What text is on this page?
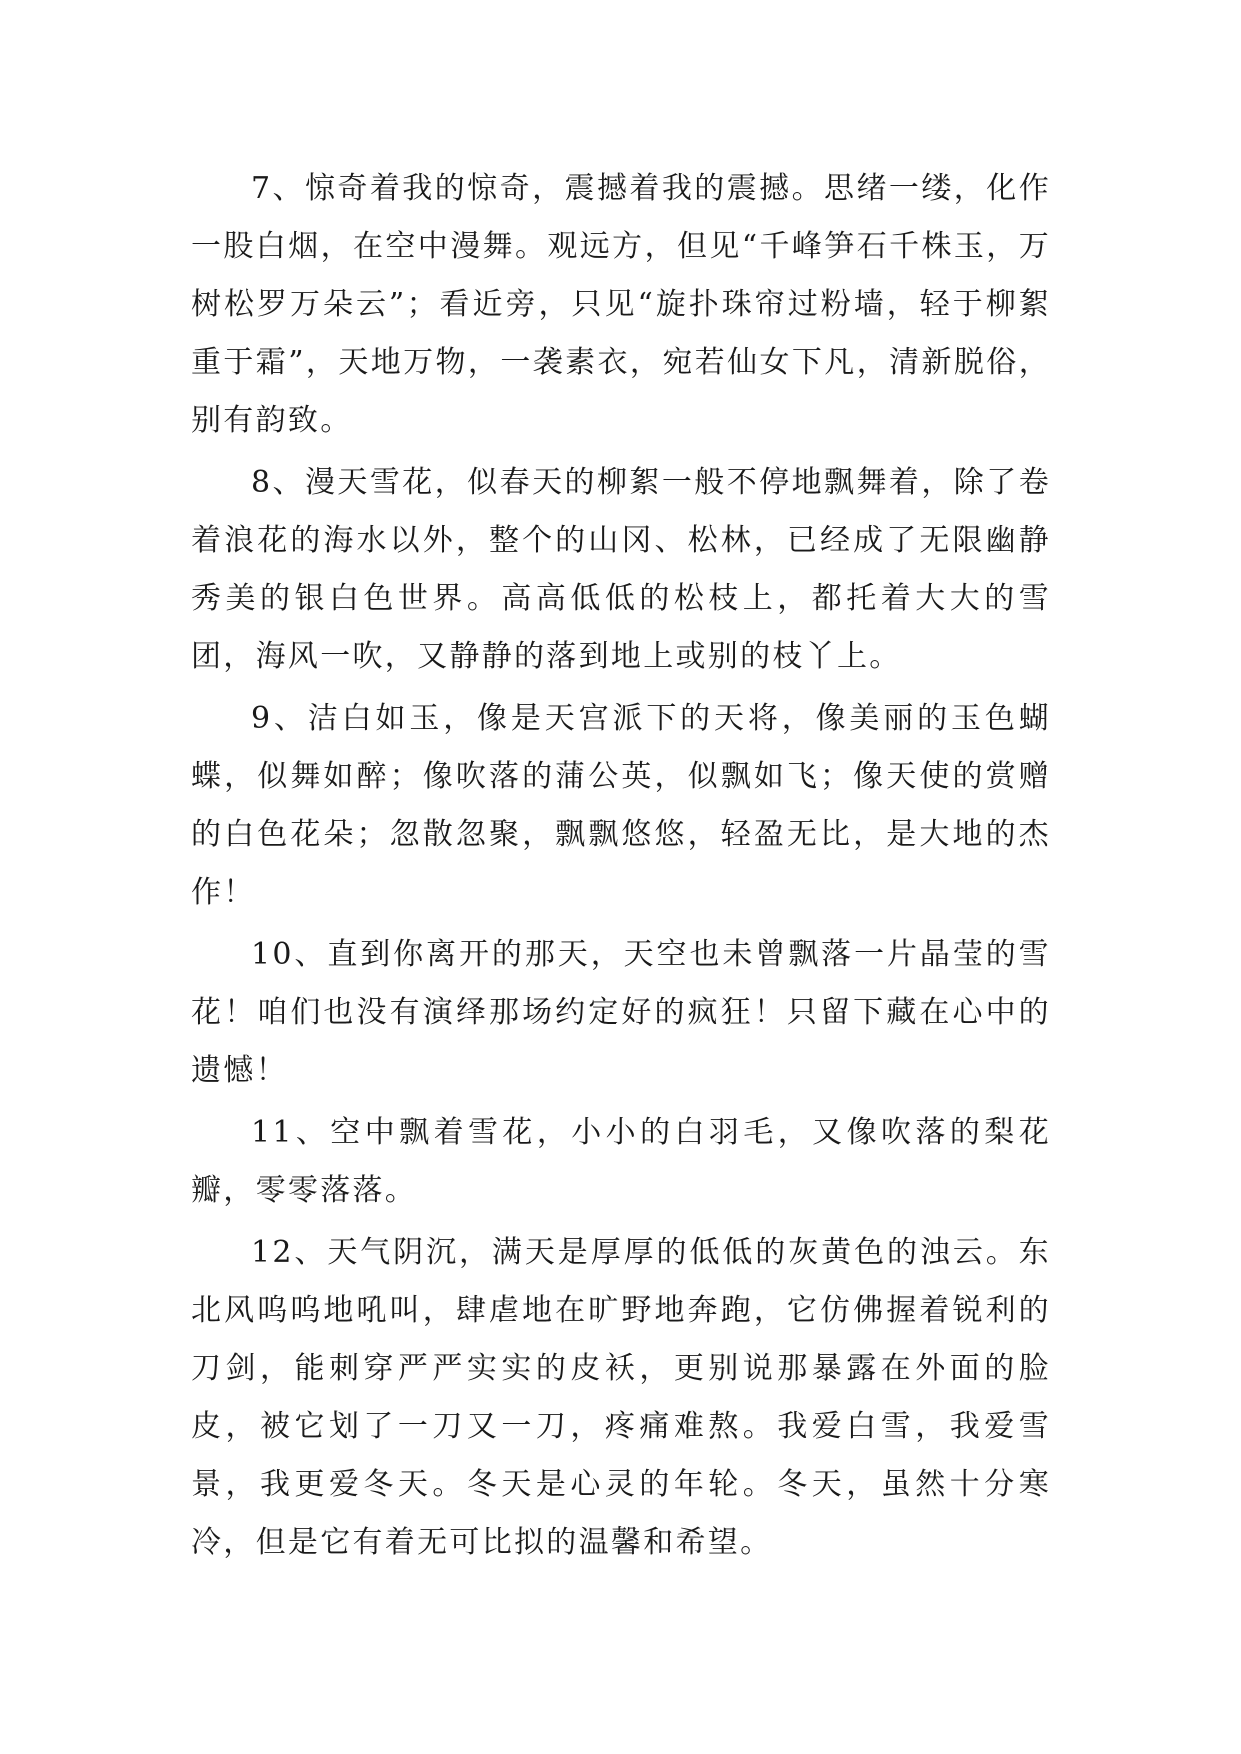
7、惊奇着我的惊奇，震撼着我的震撼。思绪一缕，化作一股白烟，在空中漫舞。观远方，但见“千峰笋石千株玉，万树松罗万朵云”；看近旁，只见“旋扑珠帘过粉墙，轻于柳絮重于霜”，天地万物，一袭素衣，宛若仙女下凡，清新脱俗，别有韵致。

8、漫天雪花，似春天的柳絮一般不停地飘舞着，除了卷着浪花的海水以外，整个的山冈、松林，已经成了无限幽静秀美的银白色世界。高高低低的松枝上，都托着大大的雪团，海风一吹，又静静的落到地上或别的枝丫上。

9、洁白如玉，像是天宫派下的天将，像美丽的玉色蝴蝶，似舞如醉；像吹落的蒲公英，似飘如飞；像天使的赏赠的白色花朵；忽散忽聚，飘飘悠悠，轻盈无比，是大地的杰作！

10、直到你离开的那天，天空也未曾飘落一片晶莹的雪花！咱们也没有演绎那场约定好的疯狂！只留下藏在心中的遗憾！

11、空中飘着雪花，小小的白羽毛，又像吹落的梨花瓣，零零落落。

12、天气阴沉，满天是厚厚的低低的灰黄色的浊云。东北风呜呜地吼叫，肆虐地在旷野地奔跑，它仿佛握着锐利的刀剑，能刺穿严严实实的皮袄，更别说那暴露在外面的脸皮，被它划了一刀又一刀，疼痛难熬。我爱白雪，我爱雪景，我更爱冬天。冬天是心灵的年轮。冬天，虽然十分寒冷，但是它有着无可比拟的温馨和希望。
